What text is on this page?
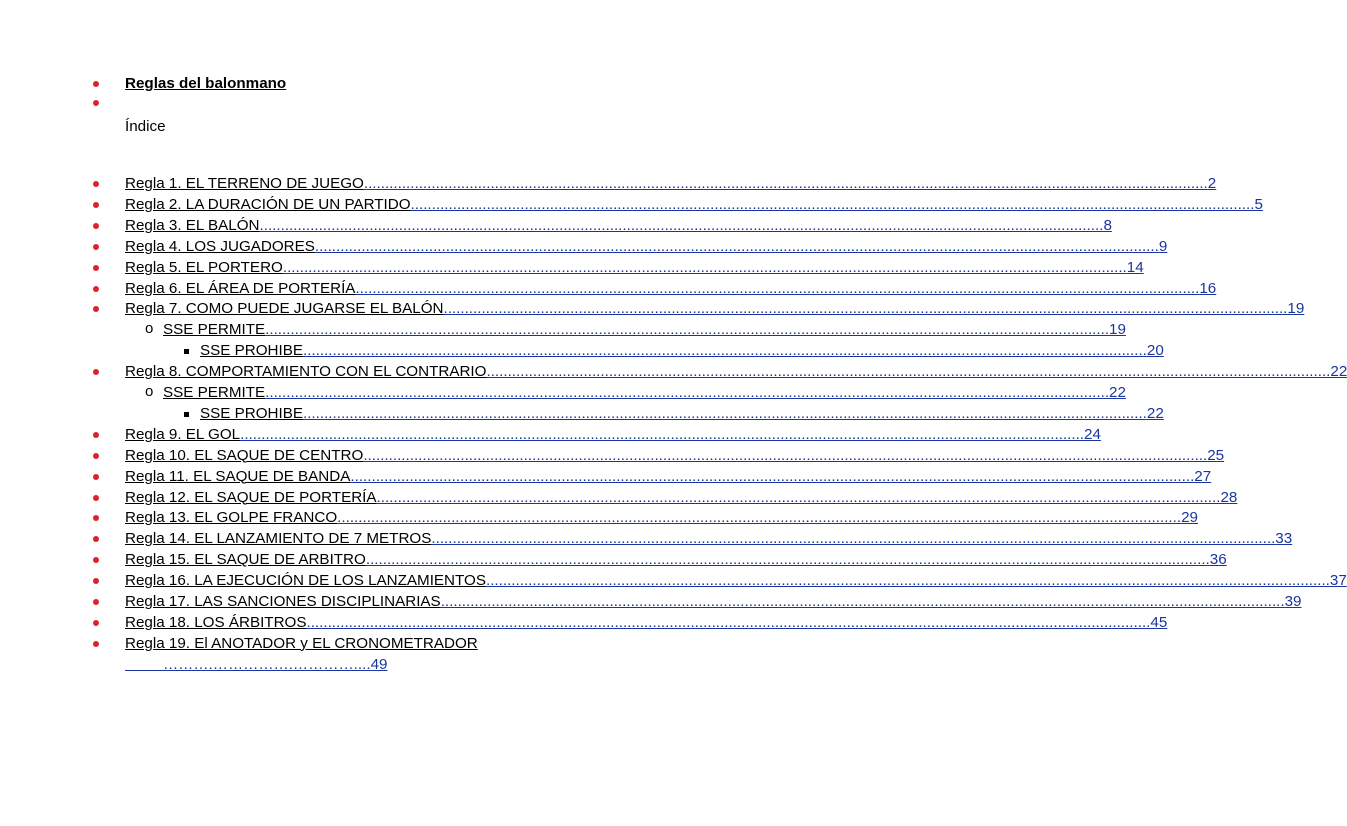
Reglas del balonmano
Índice
Regla 1. EL TERRENO DE JUEGO ........................................................................................................................................................................................................ 2
Regla 2. LA DURACIÓN DE UN PARTIDO ........................................................................................................................................................................................................ 5
Regla 3. EL BALÓN ........................................................................................................................................................................................................ 8
Regla 4. LOS JUGADORES ........................................................................................................................................................................................................ 9
Regla 5. EL PORTERO ........................................................................................................................................................................................................ 14
Regla 6. EL ÁREA DE PORTERÍA ........................................................................................................................................................................................................ 16
Regla 7. COMO PUEDE JUGARSE EL BALÓN ........................................................................................................................................................................................................ 19
o SSE PERMITE ........................................................................................................................................................................................................ 19
SSE PROHIBE ........................................................................................................................................................................................................ 20
Regla 8. COMPORTAMIENTO CON EL CONTRARIO ........................................................................................................................................................................................................ 22
o SSE PERMITE ........................................................................................................................................................................................................ 22
SSE PROHIBE ........................................................................................................................................................................................................ 22
Regla 9. EL GOL ........................................................................................................................................................................................................ 24
Regla 10. EL SAQUE DE CENTRO ........................................................................................................................................................................................................ 25
Regla 11. EL SAQUE DE BANDA ........................................................................................................................................................................................................ 27
Regla 12. EL SAQUE DE PORTERÍA ........................................................................................................................................................................................................ 28
Regla 13. EL GOLPE FRANCO ........................................................................................................................................................................................................ 29
Regla 14. EL LANZAMIENTO DE 7 METROS ........................................................................................................................................................................................................ 33
Regla 15. EL SAQUE DE ARBITRO ........................................................................................................................................................................................................ 36
Regla 16. LA EJECUCIÓN DE LOS LANZAMIENTOS ........................................................................................................................................................................................................ 37
Regla 17. LAS SANCIONES DISCIPLINARIAS ........................................................................................................................................................................................................ 39
Regla 18. LOS ÁRBITROS ........................................................................................................................................................................................................ 45
Regla 19. El ANOTADOR y EL CRONOMETRADOR

……….…………….………….... 49
